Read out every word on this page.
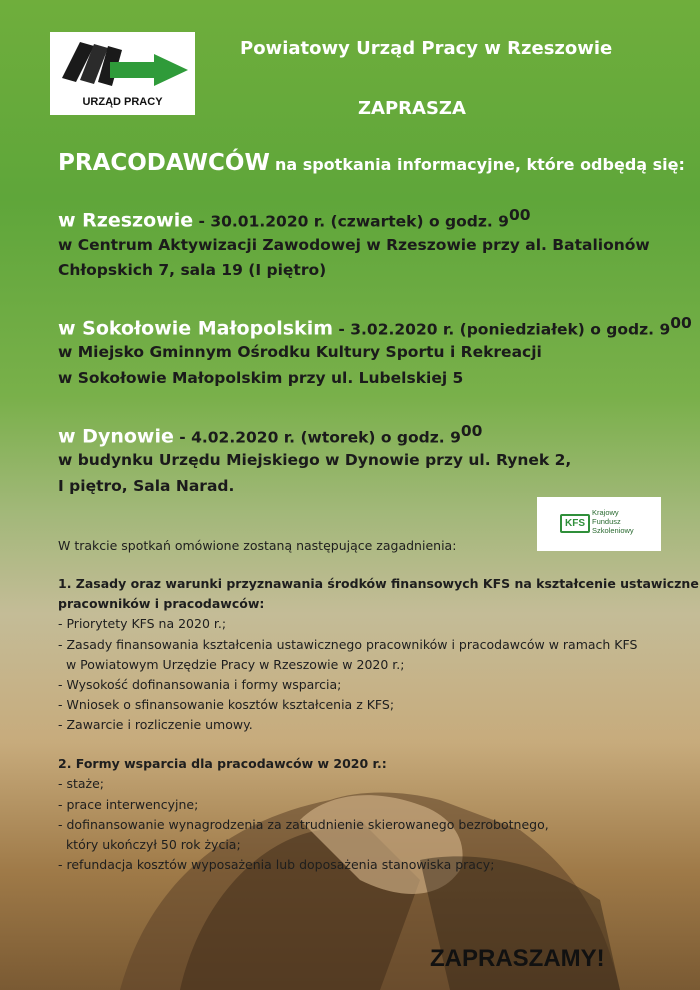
URZĄD PRACY
Powiatowy Urząd Pracy w Rzeszowie
ZAPRASZA
PRACODAWCÓW na spotkania informacyjne, które odbędą się:
w Rzeszowie - 30.01.2020 r. (czwartek) o godz. $9^{00}$
w Centrum Aktywizacji Zawodowej w Rzeszowie przy al. Batalionów
Chłopskich 7, sala 19 (I piętro)
w Sokołowie Małopolskim - 3.02.2020 r. (poniedziałek) o godz. $9^{00}$
w Miejsko Gminnym Ośrodku Kultury Sportu i Rekreacji
w Sokołowie Małopolskim przy ul. Lubelskiej 5
w Dynowie - 4.02.2020 r. (wtorek) o godz. $9^{00}$
w budynku Urzędu Miejskiego w Dynowie przy ul. Rynek 2,
I piętro, Sala Narad.
KFS
Krajowy
Fundusz
Szkoleniowy
W trakcie spotkań omówione zostaną następujące zagadnienia:
1. Zasady oraz warunki przyznawania środków finansowych KFS na kształcenie ustawiczne
pracowników i pracodawców:
- Priorytety KFS na 2020 r.;
- Zasady finansowania kształcenia ustawicznego pracowników i pracodawców w ramach KFS
w Powiatowym Urzędzie Pracy w Rzeszowie w 2020 r.;
- Wysokość dofinansowania i formy wsparcia;
- Wniosek o sfinansowanie kosztów kształcenia z KFS;
- Zawarcie i rozliczenie umowy.
2. Formy wsparcia dla pracodawców w 2020 r.:
- staże;
- prace interwencyjne;
- dofinansowanie wynagrodzenia za zatrudnienie skierowanego bezrobotnego,
który ukończył 50 rok życia;
- refundacja kosztów wyposażenia lub doposażenia stanowiska pracy;
ZAPRASZAMY!
